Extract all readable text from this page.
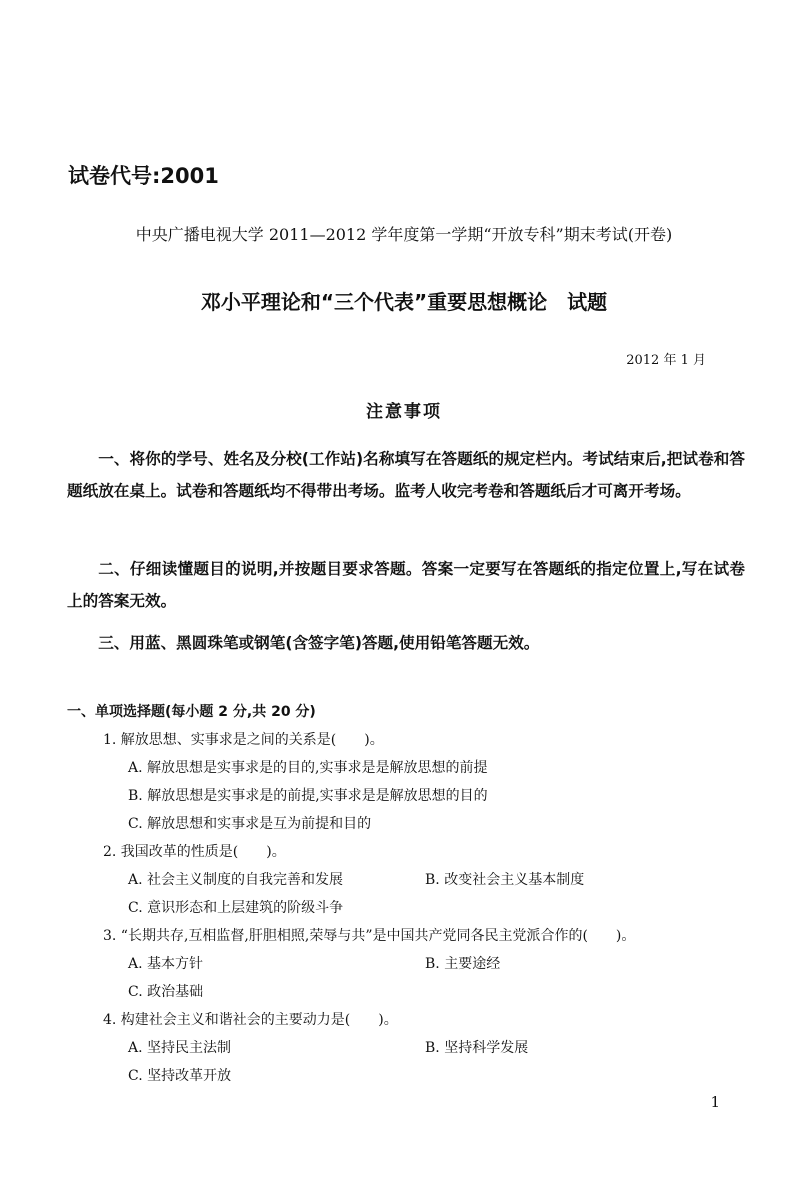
试卷代号:2001
中央广播电视大学 2011—2012 学年度第一学期“开放专科”期末考试(开卷)
邓小平理论和“三个代表”重要思想概论　试题
2012 年 1 月
注意事项

一、将你的学号、姓名及分校(工作站)名称填写在答题纸的规定栏内。考试结束后,把试卷和答题纸放在桌上。试卷和答题纸均不得带出考场。监考人收完考卷和答题纸后才可离开考场。

二、仔细读懂题目的说明,并按题目要求答题。答案一定要写在答题纸的指定位置上,写在试卷上的答案无效。

三、用蓝、黑圆珠笔或钢笔(含签字笔)答题,使用铅笔答题无效。

一、单项选择题(每小题 2 分,共 20 分)
1. 解放思想、实事求是之间的关系是(　　)。
A. 解放思想是实事求是的目的,实事求是是解放思想的前提
B. 解放思想是实事求是的前提,实事求是是解放思想的目的
C. 解放思想和实事求是互为前提和目的
2. 我国改革的性质是(　　)。
A. 社会主义制度的自我完善和发展	B. 改变社会主义基本制度
C. 意识形态和上层建筑的阶级斗争
3. “长期共存,互相监督,肝胆相照,荣辱与共”是中国共产党同各民主党派合作的(　　)。
A. 基本方针	B. 主要途经
C. 政治基础
4. 构建社会主义和谐社会的主要动力是(　　)。
A. 坚持民主法制	B. 坚持科学发展
C. 坚持改革开放
1
